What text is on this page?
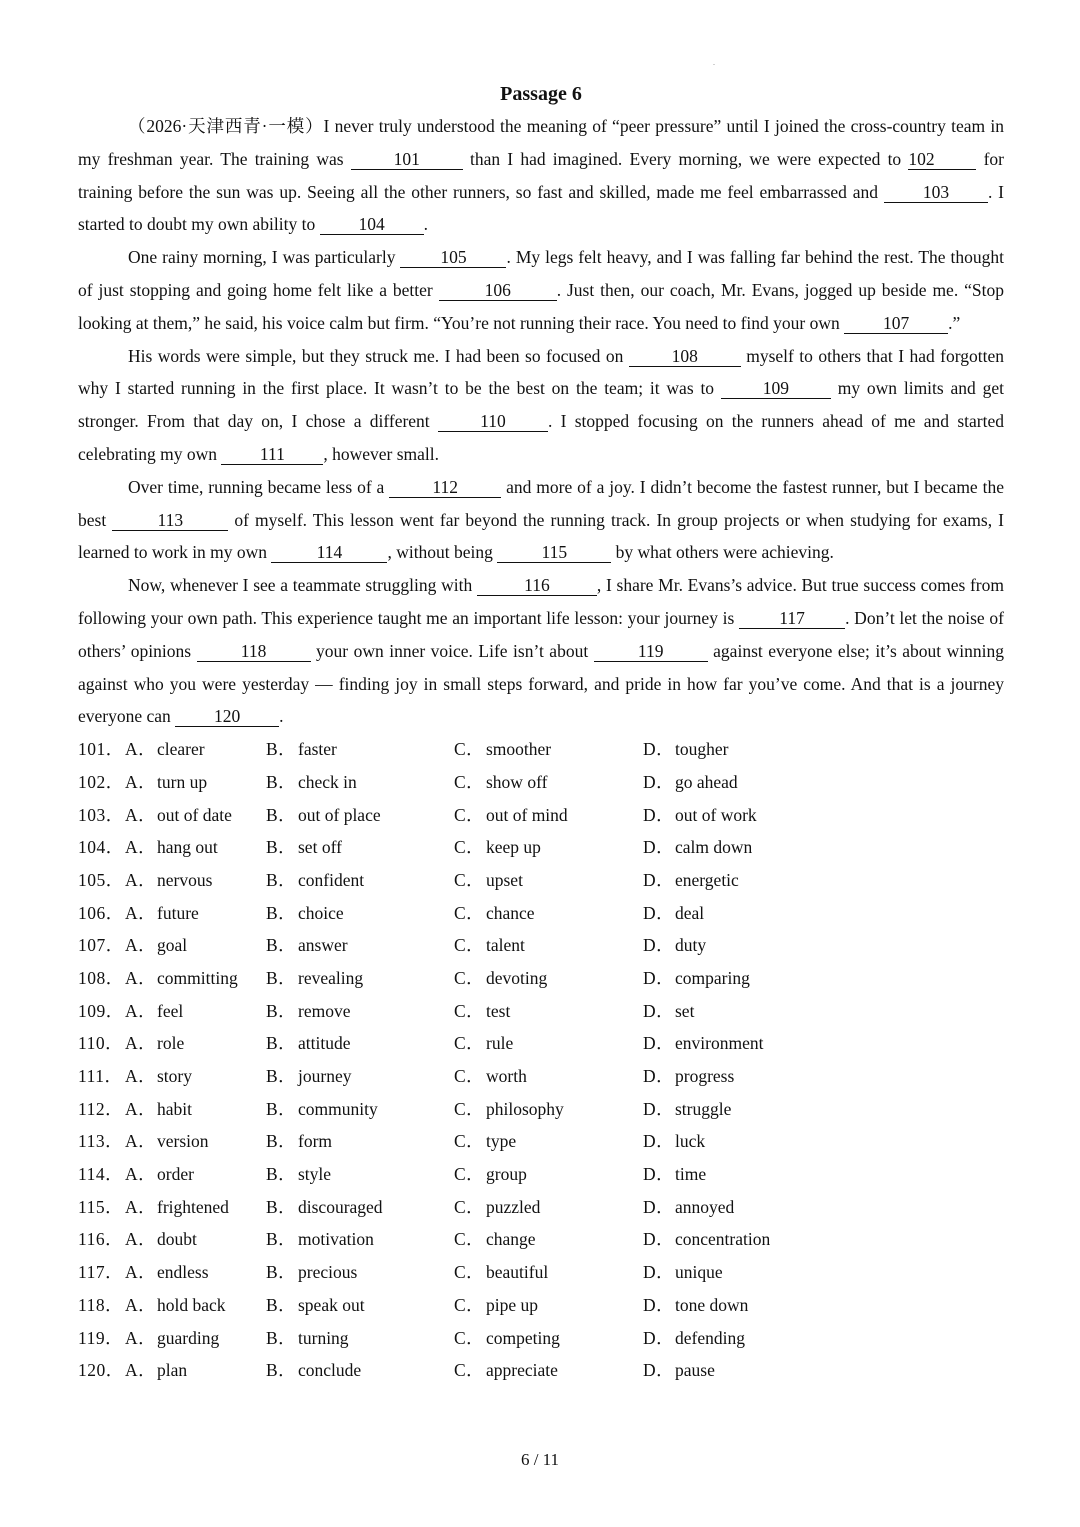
.
Passage 6

（2026·天津西青·一模）I never truly understood the meaning of “peer pressure” until I joined the cross-country team in my freshman year. The training was 101 than I had imagined. Every morning, we were expected to 102 for training before the sun was up. Seeing all the other runners, so fast and skilled, made me feel embarrassed and 103 . I started to doubt my own ability to 104 .

One rainy morning, I was particularly 105 . My legs felt heavy, and I was falling far behind the rest. The thought of just stopping and going home felt like a better	106	. Just then, our coach, Mr. Evans, jogged up beside me. “Stop looking at them,” he said, his voice calm but firm. “You’re not running their race. You need to find your own 107 .”

His words were simple, but they struck me. I had been so focused on 108 myself to others that I had forgotten why I started running in the first place. It wasn’t to be the best on the team; it was to 109 my own limits and get stronger. From that day on, I chose a different 110 . I stopped focusing on the runners ahead of me and started celebrating my own 111 , however small.

Over time, running became less of a 112 and more of a joy. I didn’t become the fastest runner, but I became the best	113	of myself. This lesson went far beyond the running track. In group projects or when studying for exams, I learned to work in my own	114	, without being	115	by what others were achieving.

Now, whenever I see a teammate struggling with	116	, I share Mr. Evans’s advice. But true success comes from following your own path. This experience taught me an important life lesson: your journey is 117 . Don’t let the noise of others’ opinions	118	your own inner voice. Life isn’t about	119	against everyone else; it’s about winning against who you were yesterday — finding joy in small steps forward, and pride in how far you’ve come. And that is a journey everyone can 120 .

101． A．clearer	B． faster	C． smoother	D．tougher
102． A．turn up	B． check in	C． show off	D．go ahead
103． A．out of date B． out of place	C． out of mind	D．out of work
104． A．hang out	B． set off	C． keep up	D．calm down
105． A．nervous	B． confident	C． upset	D．energetic
106． A．future	B． choice	C． chance	D．deal
107． A．goal	B． answer	C． talent	D．duty
108． A．committing B． revealing	C． devoting	D．comparing
109． A．feel	B． remove	C． test	D．set
110． A．role	B． attitude	C． rule	D．environment
111． A．story	B． journey	C． worth	D．progress
112． A．habit	B． community	C． philosophy	D．struggle
113． A．version	B． form	C． type	D．luck
114． A．order	B． style	C． group	D．time
115． A．frightened B． discouraged	C． puzzled	D．annoyed
116． A．doubt	B． motivation	C． change	D．concentration
117． A．endless	B． precious	C． beautiful	D．unique
118． A．hold back B． speak out	C． pipe up	D．tone down
119． A．guarding	B． turning	C． competing	D．defending
120． A．plan	B． conclude	C． appreciate	D．pause
6 / 11
